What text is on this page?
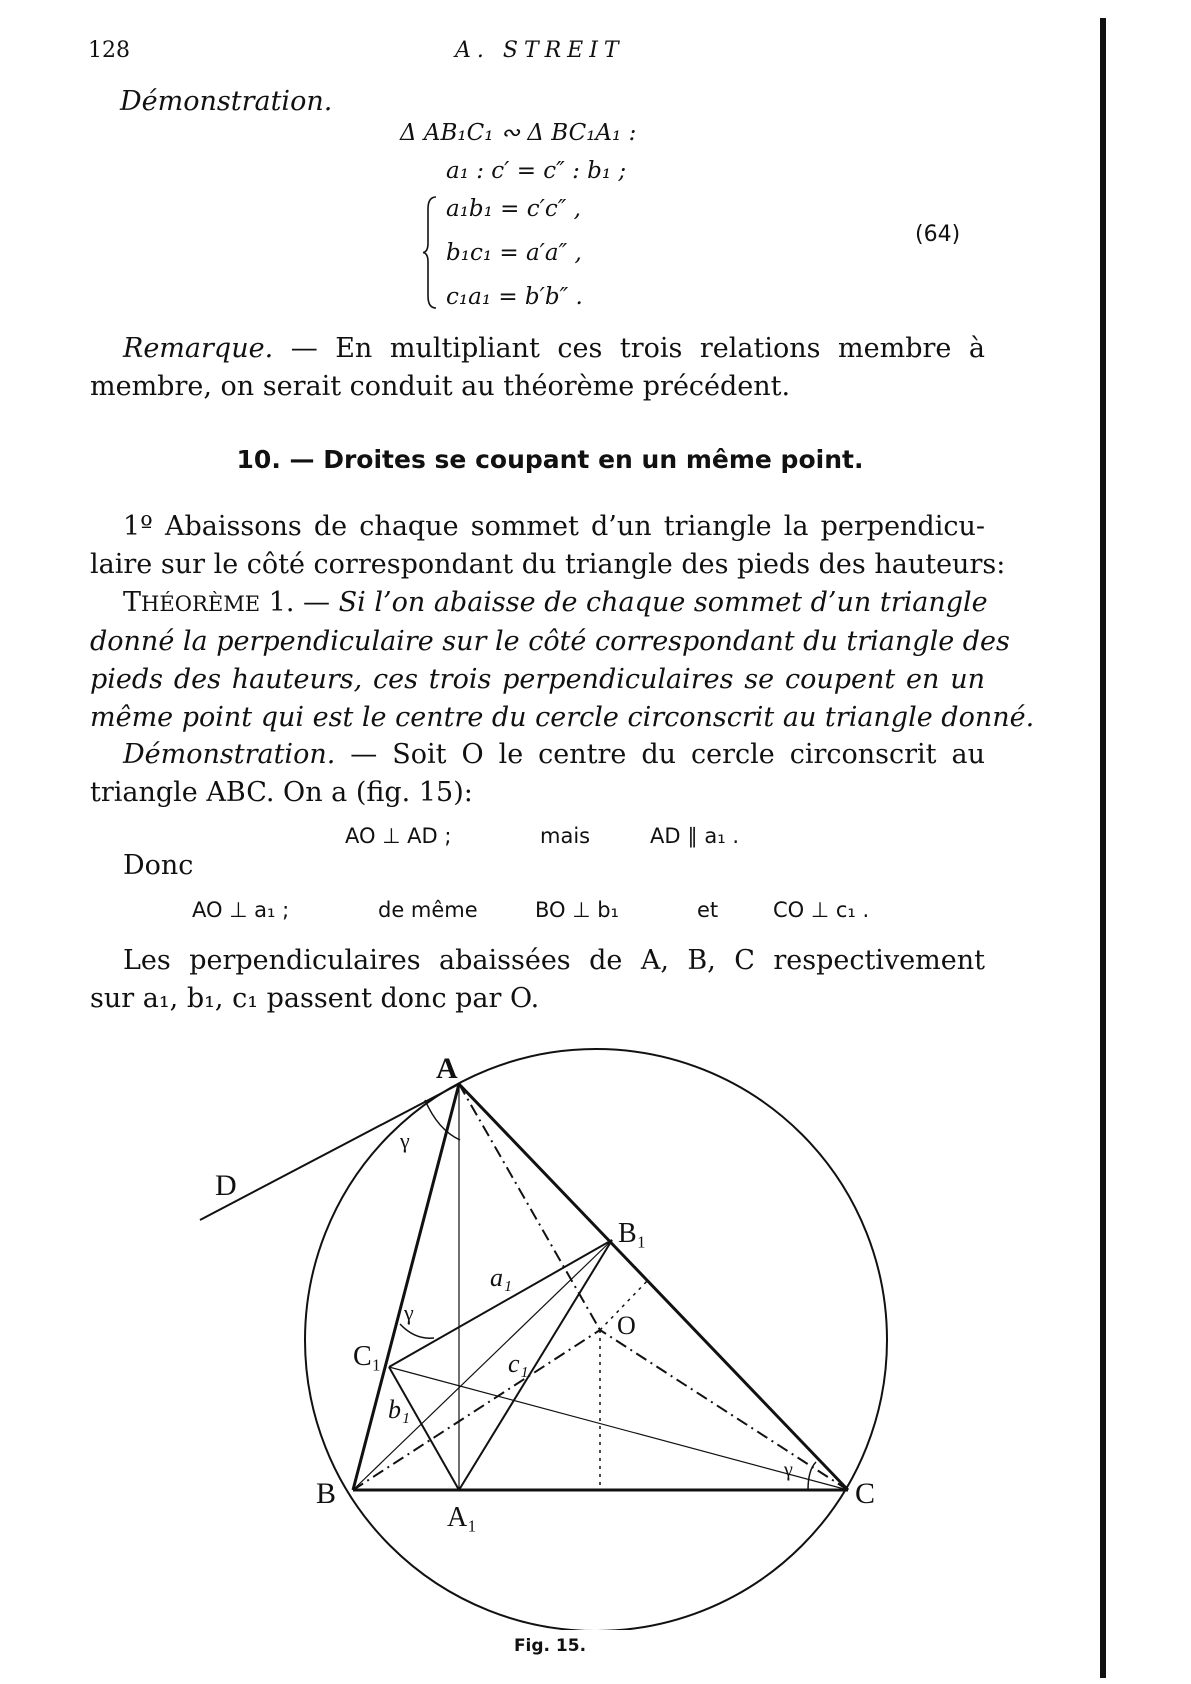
128	A. STREIT
Démonstration.
Δ AB₁C₁ ∾ Δ BC₁A₁ :
a₁ : c′ = c″ : b₁ ;
a₁b₁ = c′c″ ,
b₁c₁ = a′a″ ,
c₁a₁ = b′b″ .
(64)
Remarque. — En multipliant ces trois relations membre à
membre, on serait conduit au théorème précédent.
10. — Droites se coupant en un même point.
1º Abaissons de chaque sommet d’un triangle la perpendicu-
laire sur le côté correspondant du triangle des pieds des hauteurs:
THÉORÈME 1. — Si l’on abaisse de chaque sommet d’un triangle
donné la perpendiculaire sur le côté correspondant du triangle des
pieds des hauteurs, ces trois perpendiculaires se coupent en un
même point qui est le centre du cercle circonscrit au triangle donné.
Démonstration. — Soit O le centre du cercle circonscrit au
triangle ABC. On a (fig. 15):
AO ⊥ AD ;	mais	AD ∥ a₁ .
Donc
AO ⊥ a₁ ;	de même	BO ⊥ b₁	et	CO ⊥ c₁ .
Les perpendiculaires abaissées de A, B, C respectivement
sur a₁, b₁, c₁ passent donc par O.
A
B	C
D
O
A₁
B₁
C₁
a₁
b₁
c₁
γ
γ
γ
Fig. 15.
